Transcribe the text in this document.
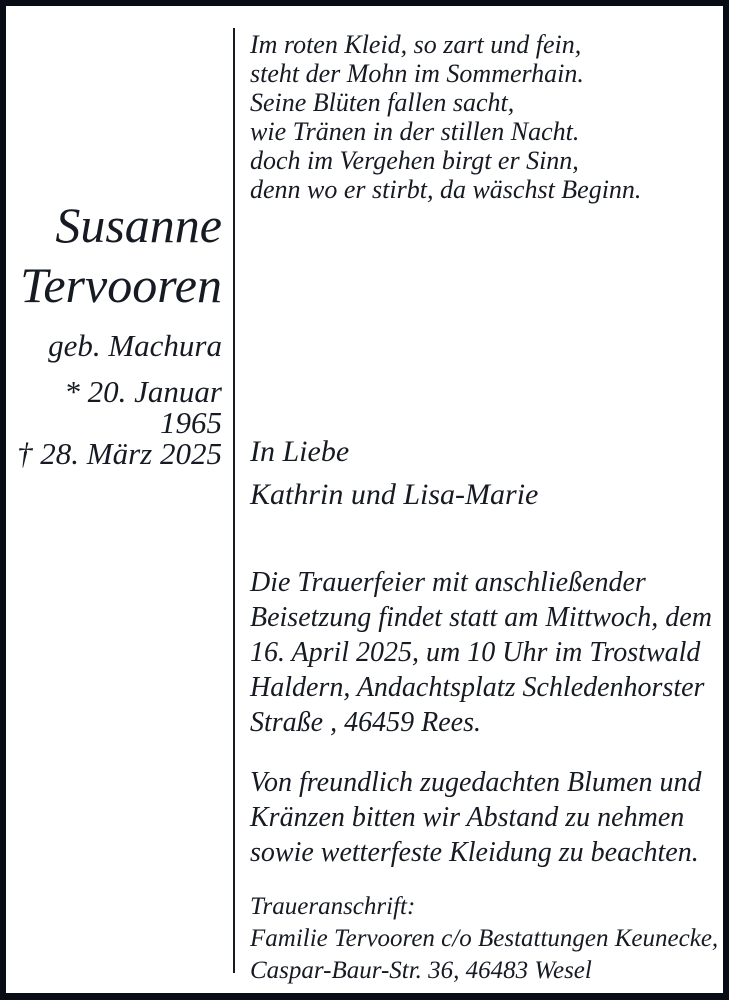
Susanne
Tervooren
geb. Machura
* 20. Januar 1965
† 28. März 2025
Im roten Kleid, so zart und fein,
steht der Mohn im Sommerhain.
Seine Blüten fallen sacht,
wie Tränen in der stillen Nacht.
doch im Vergehen birgt er Sinn,
denn wo er stirbt, da wäschst Beginn.
In Liebe
Kathrin und Lisa-Marie
Die Trauerfeier mit anschließender
Beisetzung findet statt am Mittwoch, dem
16. April 2025, um 10 Uhr im Trostwald
Haldern, Andachtsplatz Schledenhorster
Straße , 46459 Rees.
Von freundlich zugedachten Blumen und
Kränzen bitten wir Abstand zu nehmen
sowie wetterfeste Kleidung zu beachten.
Traueranschrift:
Familie Tervooren c/o Bestattungen Keunecke,
Caspar-Baur-Str. 36, 46483 Wesel
